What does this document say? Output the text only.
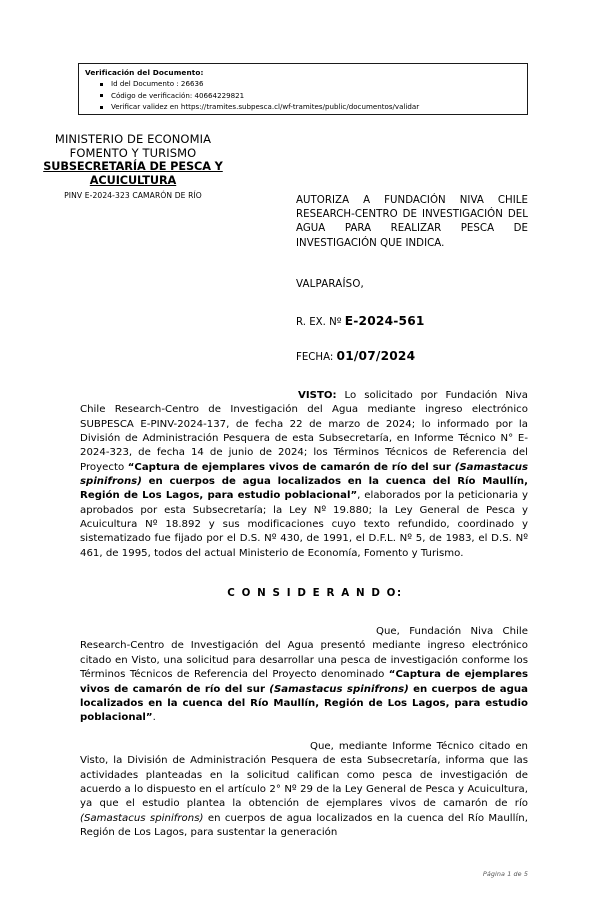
Verificación del Documento:
Id del Documento : 26636
Código de verificación: 40664229821
Verificar validez en https://tramites.subpesca.cl/wf-tramites/public/documentos/validar
MINISTERIO DE ECONOMIA
FOMENTO Y TURISMO
SUBSECRETARÍA DE PESCA Y ACUICULTURA
PINV E-2024-323 CAMARÓN DE RÍO	AUTORIZA A FUNDACIÓN NIVA CHILE RESEARCH-CENTRO DE INVESTIGACIÓN DEL AGUA PARA REALIZAR PESCA DE INVESTIGACIÓN QUE INDICA.
VALPARAÍSO,
R. EX. Nº E-2024-561
FECHA: 01/07/2024

VISTO: Lo solicitado por Fundación Niva Chile Research-Centro de Investigación del Agua mediante ingreso electrónico SUBPESCA E-PINV-2024-137, de fecha 22 de marzo de 2024; lo informado por la División de Administración Pesquera de esta Subsecretaría, en Informe Técnico N° E-2024-323, de fecha 14 de junio de 2024; los Términos Técnicos de Referencia del Proyecto “Captura de ejemplares vivos de camarón de río del sur (Samastacus spinifrons) en cuerpos de agua localizados en la cuenca del Río Maullín, Región de Los Lagos, para estudio poblacional”, elaborados por la peticionaria y aprobados por esta Subsecretaría; la Ley Nº 19.880; la Ley General de Pesca y Acuicultura Nº 18.892 y sus modificaciones cuyo texto refundido, coordinado y sistematizado fue fijado por el D.S. Nº 430, de 1991, el D.F.L. Nº 5, de 1983, el D.S. Nº 461, de 1995, todos del actual Ministerio de Economía, Fomento y Turismo.

C O N S I D E R A N D O:

Que, Fundación Niva Chile Research-Centro de Investigación del Agua presentó mediante ingreso electrónico citado en Visto, una solicitud para desarrollar una pesca de investigación conforme los Términos Técnicos de Referencia del Proyecto denominado “Captura de ejemplares vivos de camarón de río del sur (Samastacus spinifrons) en cuerpos de agua localizados en la cuenca del Río Maullín, Región de Los Lagos, para estudio poblacional”.

Que, mediante Informe Técnico citado en Visto, la División de Administración Pesquera de esta Subsecretaría, informa que las actividades planteadas en la solicitud califican como pesca de investigación de acuerdo a lo dispuesto en el artículo 2° Nº 29 de la Ley General de Pesca y Acuicultura, ya que el estudio plantea la obtención de ejemplares vivos de camarón de río (Samastacus spinifrons) en cuerpos de agua localizados en la cuenca del Río Maullín, Región de Los Lagos, para sustentar la generación

Página 1 de 5
